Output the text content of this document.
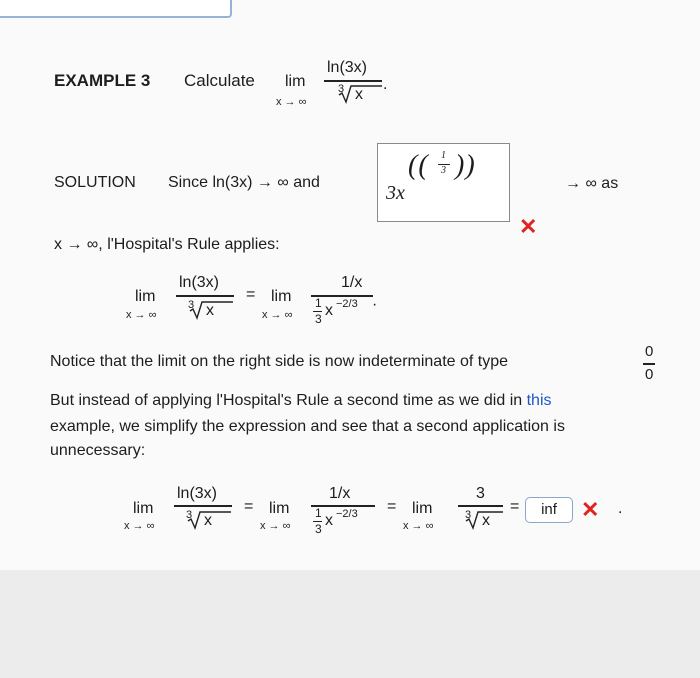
EXAMPLE 3 Calculate lim
x → ∞
ln(3x)
3 x
.
SOLUTION Since ln(3x) → ∞ and	3x
(( 1
3 ))
✕
→ ∞ as
x → ∞, l'Hospital's Rule applies:
lim
x → ∞
ln(3x)
3 x
= lim
x → ∞
1/x
1
3 x −2/3 ·
Notice that the limit on the right side is now indeterminate of type
0
0
But instead of applying l'Hospital's Rule a second time as we did in this
example, we simplify the expression and see that a second application is
unnecessary:
lim
x → ∞
ln(3x)
3 x
= lim
x → ∞
1/x
1
3 x −2/3 = lim
x → ∞
3
3 x
=	inf	✕ .
